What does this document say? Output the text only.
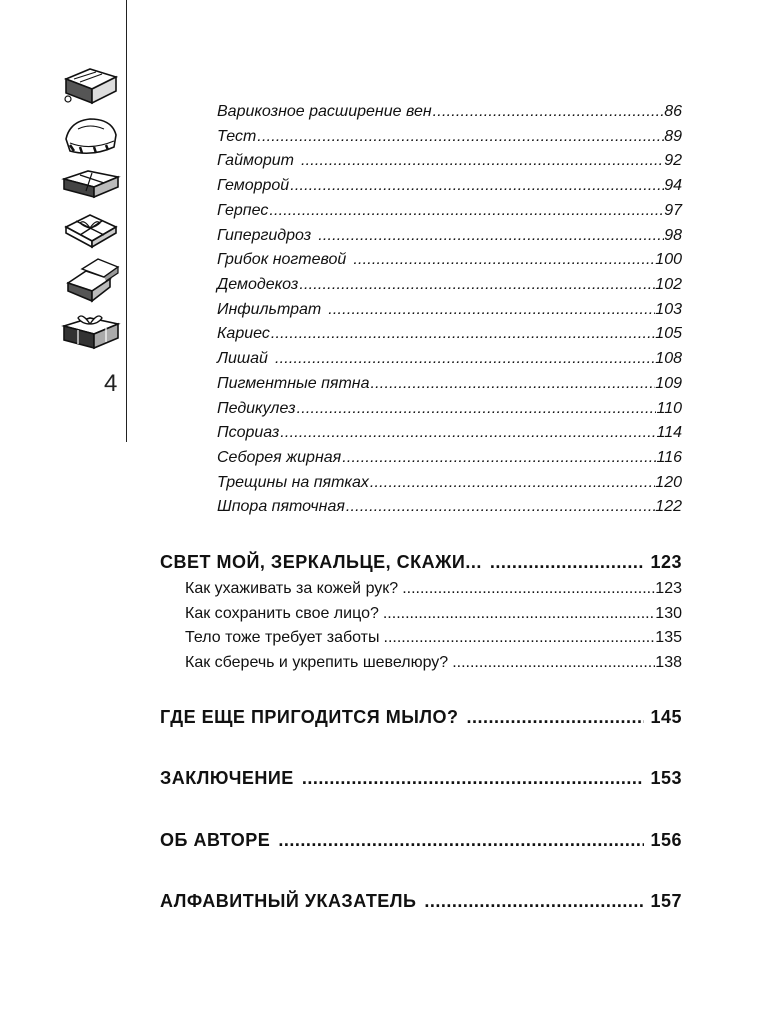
4
Варикозное расширение вен .....	86
Тест .....	89
Гайморит .....	92
Геморрой .....	94
Герпес .....	97
Гипергидроз .....	98
Грибок ногтевой .....	100
Демодекоз .....	102
Инфильтрат .....	103
Кариес .....	105
Лишай .....	108
Пигментные пятна .....	109
Педикулез .....	110
Псориаз .....	114
Себорея жирная .....	116
Трещины на пятках .....	120
Шпора пяточная .....	122
СВЕТ МОЙ, ЗЕРКАЛЬЦЕ, СКАЖИ... .....	123
Как ухаживать за кожей рук? .....	123
Как сохранить свое лицо? .....	130
Тело тоже требует заботы .....	135
Как сберечь и укрепить шевелюру? .....	138
ГДЕ ЕЩЕ ПРИГОДИТСЯ МЫЛО? .....	145
ЗАКЛЮЧЕНИЕ .....	153
ОБ АВТОРЕ .....	156
АЛФАВИТНЫЙ УКАЗАТЕЛЬ .....	157
